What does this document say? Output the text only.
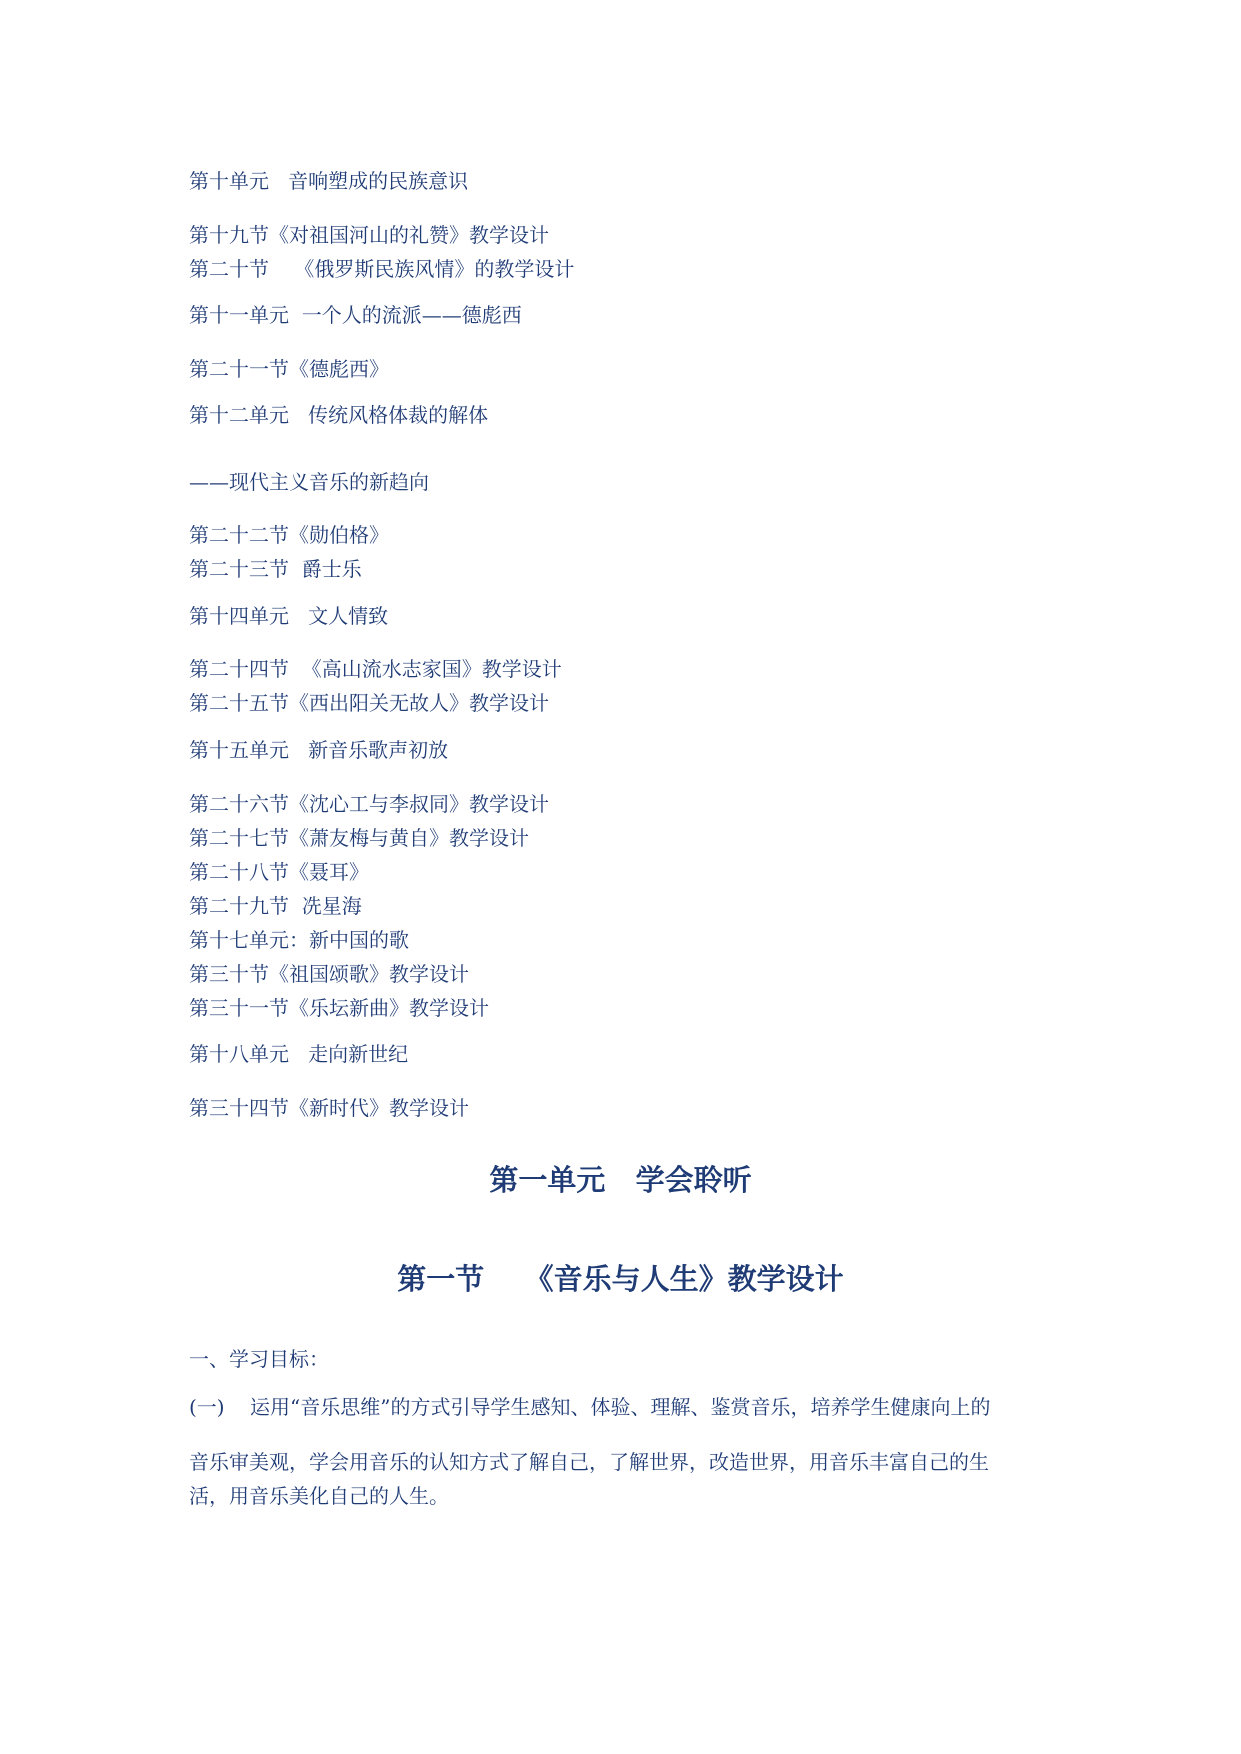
第十单元   音响塑成的民族意识
第十九节《对祖国河山的礼赞》教学设计
第二十节    《俄罗斯民族风情》的教学设计
第十一单元  一个人的流派——德彪西
第二十一节《德彪西》
第十二单元   传统风格体裁的解体
——现代主义音乐的新趋向
第二十二节《勋伯格》
第二十三节  爵士乐
第十四单元   文人情致
第二十四节  《高山流水志家国》教学设计
第二十五节《西出阳关无故人》教学设计
第十五单元   新音乐歌声初放
第二十六节《沈心工与李叔同》教学设计
第二十七节《萧友梅与黄自》教学设计
第二十八节《聂耳》
第二十九节  冼星海
第十七单元：新中国的歌
第三十节《祖国颂歌》教学设计
第三十一节《乐坛新曲》教学设计
第十八单元   走向新世纪
第三十四节《新时代》教学设计
第一单元   学会聆听
第一节    《音乐与人生》教学设计
一、学习目标：
(一)    运用“音乐思维”的方式引导学生感知、体验、理解、鉴赏音乐，培养学生健康向上的
音乐审美观，学会用音乐的认知方式了解自己，了解世界，改造世界，用音乐丰富自己的生
活，用音乐美化自己的人生。
